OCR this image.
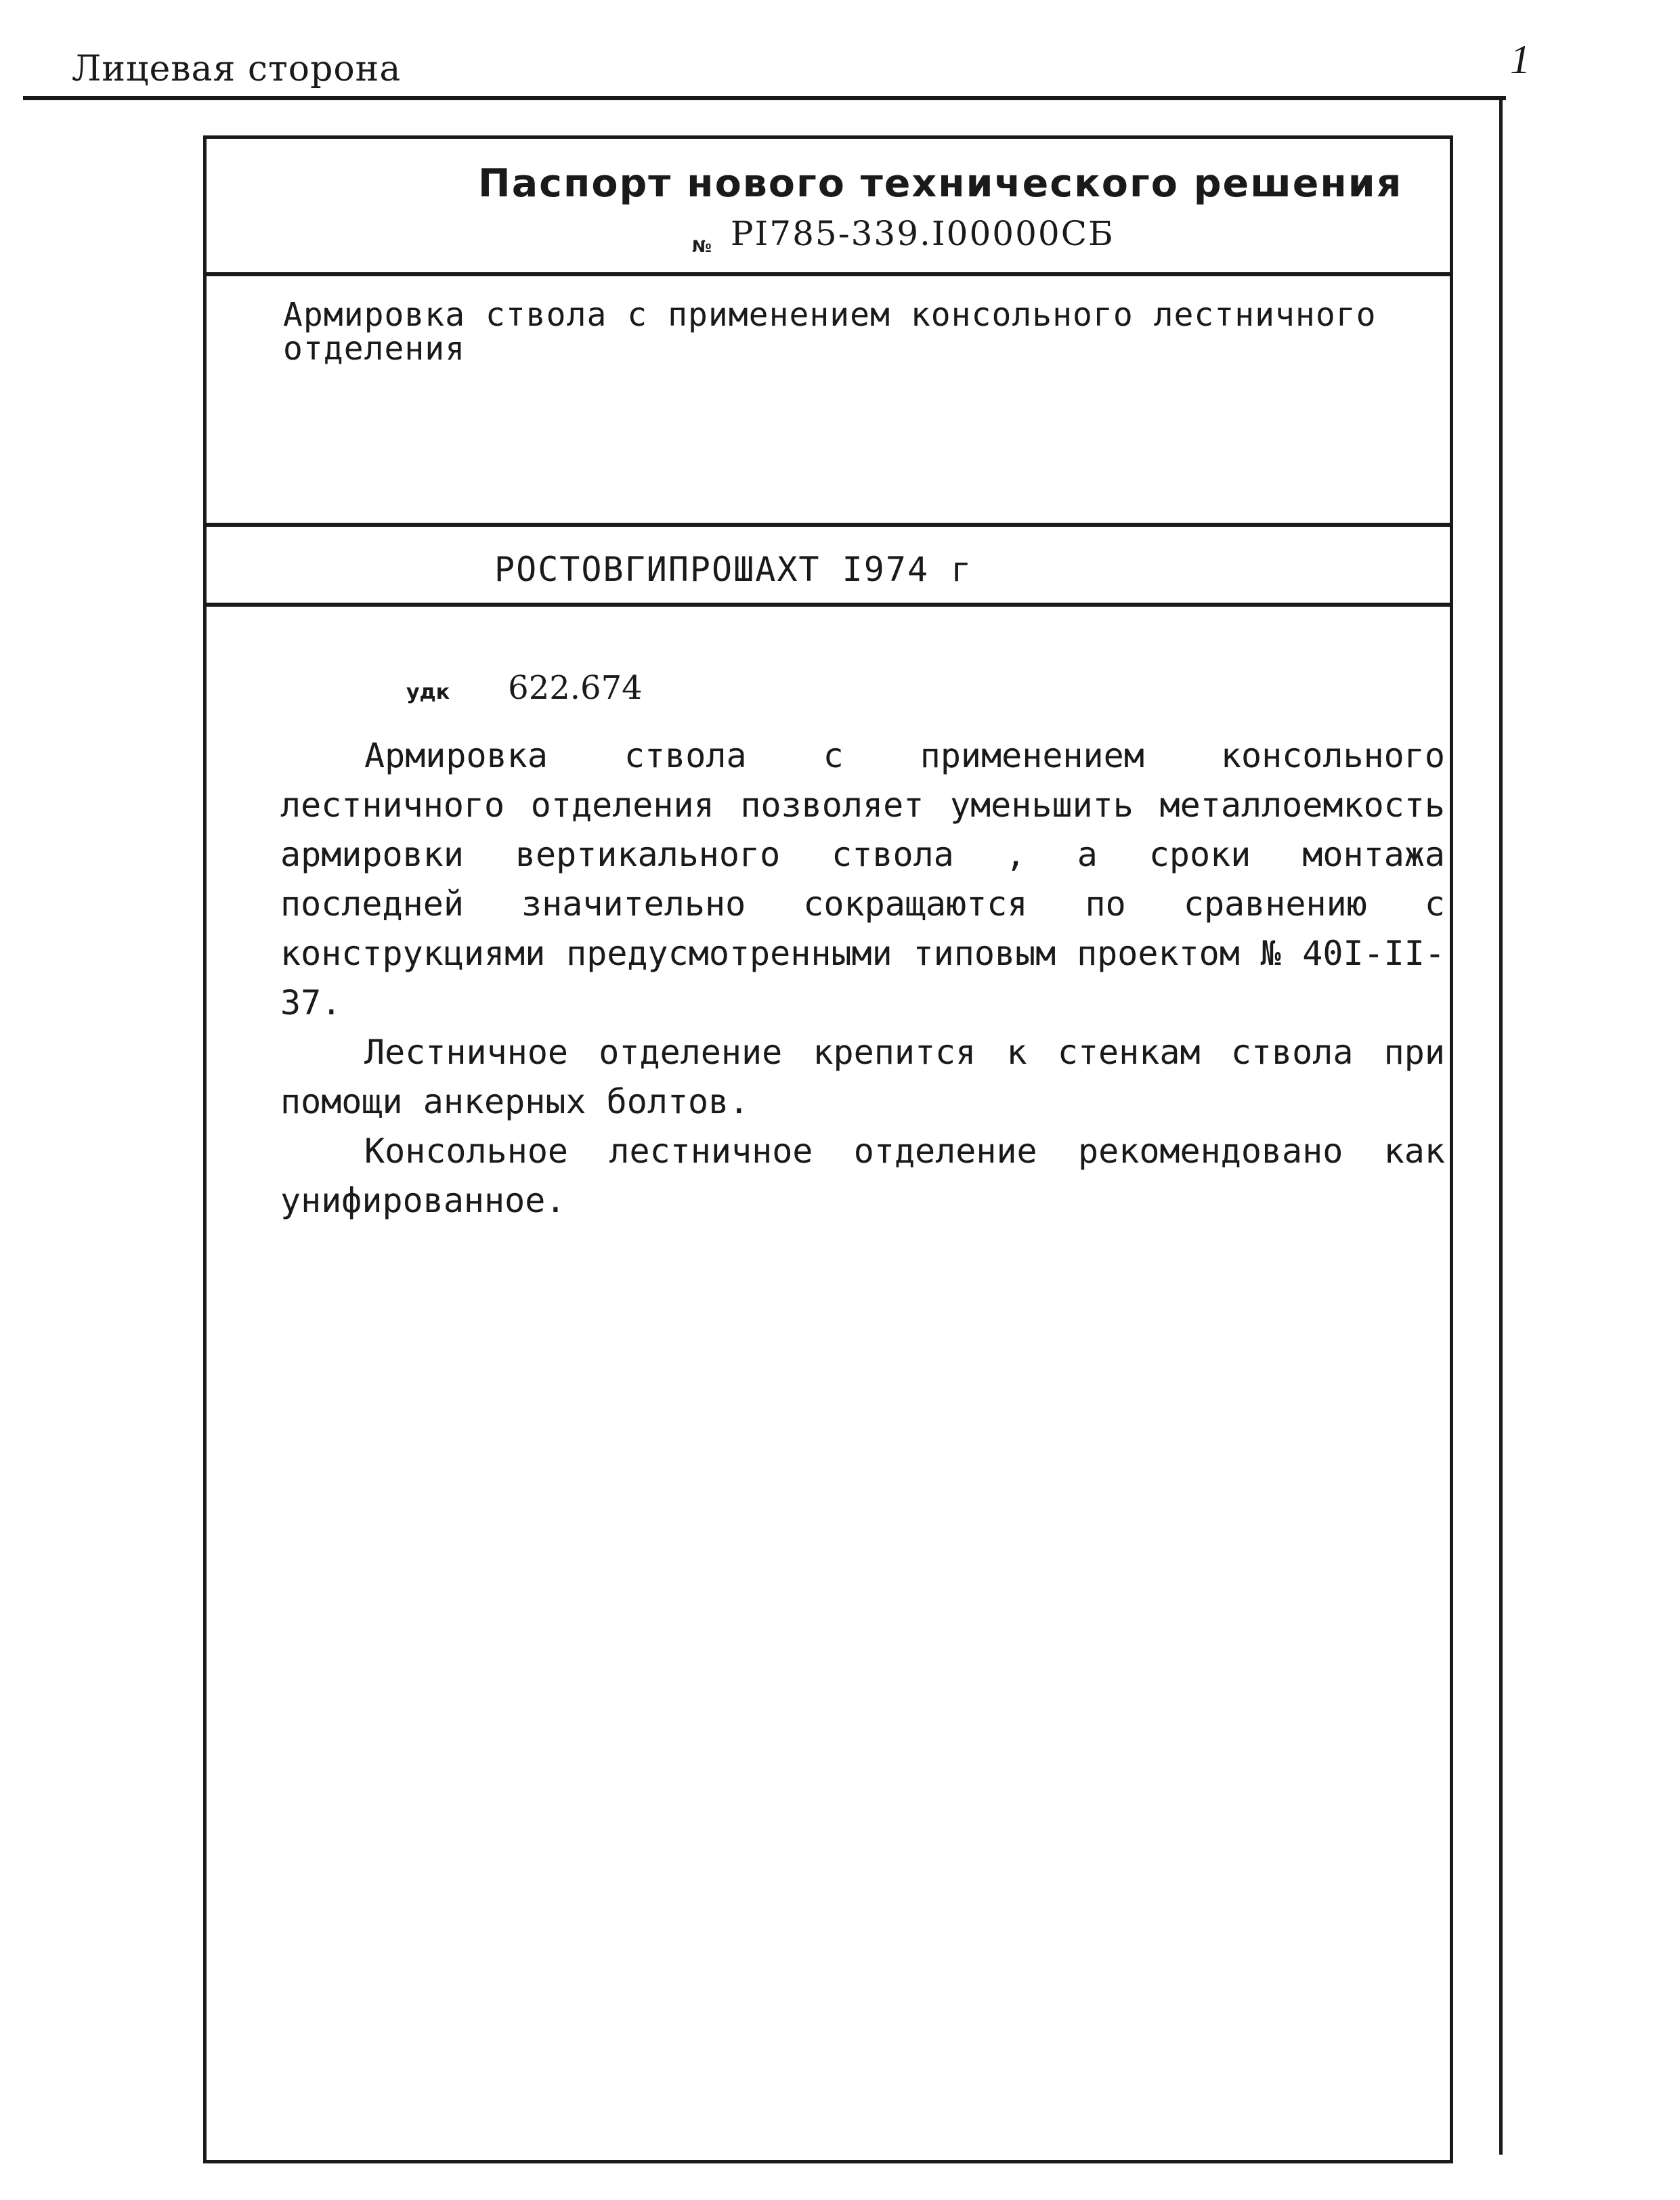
Лицевая сторона	1
Паспорт нового технического решения
№ РI785-339.I00000СБ
Армировка ствола с применением консольного лестничного отделения
РОСТОВГИПРОШАХТ I974 г
удк 622.674

Армировка ствола с применением консольного лестничного отделения позволяет уменьшить металлоемкость армировки вертикального ствола , а сроки монтажа последней значительно сокращаются по сравнению с конструкциями предусмотренными типовым проектом № 40I-II-37.

Лестничное отделение крепится к стенкам ствола при помощи анкерных болтов.

Консольное лестничное отделение рекомендовано как унифированное.
